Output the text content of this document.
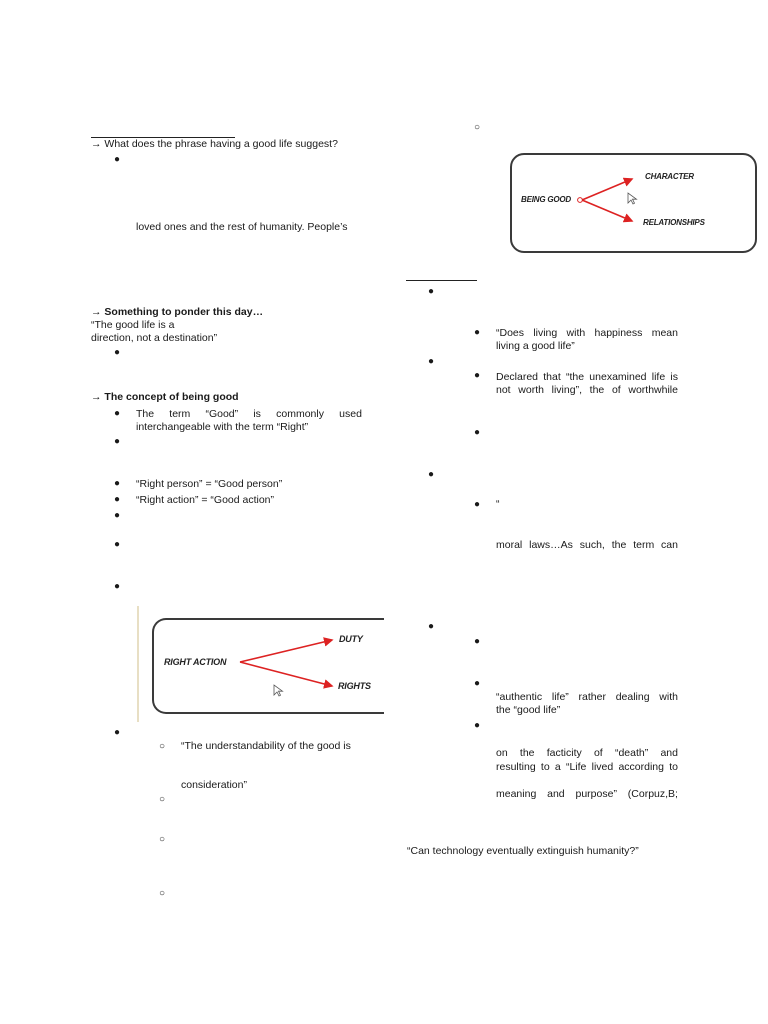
→ What does the phrase having a good life suggest?
●
loved ones and the rest of humanity. People’s
→ Something to ponder this day…
“The good life is a
direction, not a destination”
●
→ The concept of being good
● The term “Good” is commonly used
interchangeable with the term “Right”
●
● “Right person” = “Good person”
● “Right action” = “Good action”
●
●
●
RIGHT ACTION
DUTY
RIGHTS
●
○ “The understandability of the good is
consideration”
○
○
○
○
BEING GOOD
CHARACTER
RELATIONSHIPS
●
● “Does living with happiness mean
living a good life”
●
● Declared that “the unexamined life is
not worth living”, the of worthwhile
●
●
● “
moral laws…As such, the term can
●
●
●
“authentic life” rather dealing with
the “good life”
●
on the facticity of “death” and
resulting to a “Life lived according to
meaning and purpose” (Corpuz,B;
“Can technology eventually extinguish humanity?”
